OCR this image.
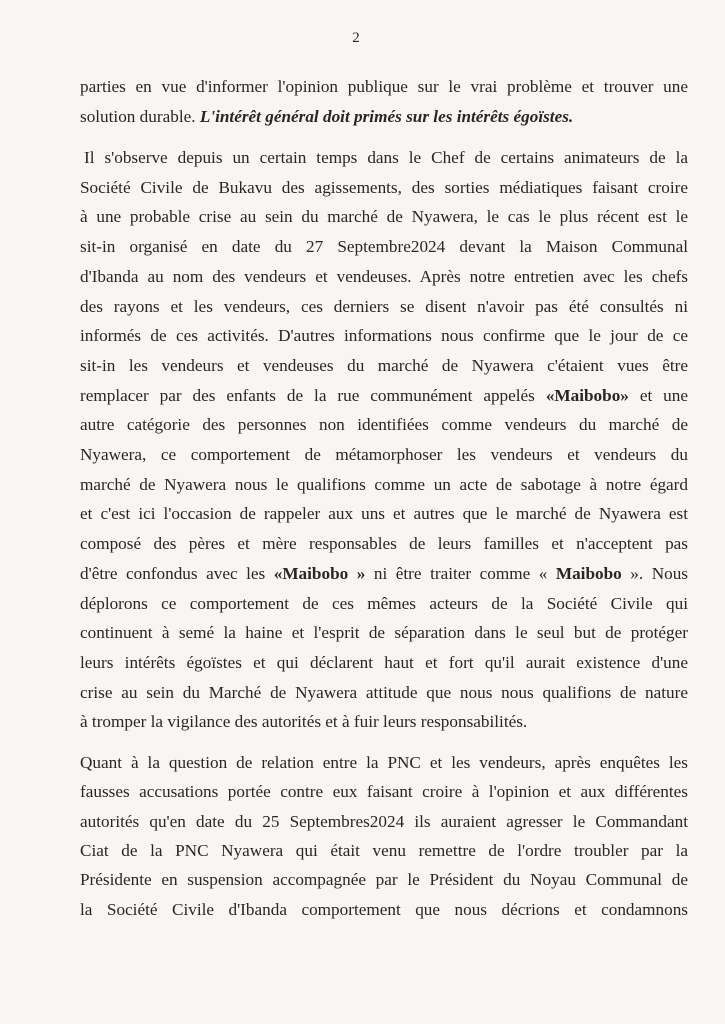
2
parties en vue d'informer l'opinion publique sur le vrai problème et trouver une
solution durable. L'intérêt général doit primés sur les intérêts égoïstes.
Il s'observe depuis un certain temps dans le Chef de certains animateurs de la
Société Civile de Bukavu des agissements, des sorties médiatiques faisant croire
à une probable crise au sein du marché de Nyawera, le cas le plus récent est le
sit-in organisé en date du 27 Septembre2024 devant la Maison Communal
d'Ibanda au nom des vendeurs et vendeuses. Après notre entretien avec les chefs
des rayons et les vendeurs, ces derniers se disent n'avoir pas été consultés ni
informés de ces activités. D'autres informations nous confirme que le jour de ce
sit-in les vendeurs et vendeuses du marché de Nyawera c'étaient vues être
remplacer par des enfants de la rue communément appelés «Maibobo» et une
autre catégorie des personnes non identifiées comme vendeurs du marché de
Nyawera, ce comportement de métamorphoser les vendeurs et vendeurs du
marché de Nyawera nous le qualifions comme un acte de sabotage à notre égard
et c'est ici l'occasion de rappeler aux uns et autres que le marché de Nyawera est
composé des pères et mère responsables de leurs familles et n'acceptent pas
d'être confondus avec les «Maibobo » ni être traiter comme « Maibobo ». Nous
déplorons ce comportement de ces mêmes acteurs de la Société Civile qui
continuent à semé la haine et l'esprit de séparation dans le seul but de protéger
leurs intérêts égoïstes et qui déclarent haut et fort qu'il aurait existence d'une
crise au sein du Marché de Nyawera attitude que nous nous qualifions de nature
à tromper la vigilance des autorités et à fuir leurs responsabilités.
Quant à la question de relation entre la PNC et les vendeurs, après enquêtes les
fausses accusations portée contre eux faisant croire à l'opinion et aux différentes
autorités qu'en date du 25 Septembres2024 ils auraient agresser le Commandant
Ciat de la PNC Nyawera qui était venu remettre de l'ordre troubler par la
Présidente en suspension accompagnée par le Président du Noyau Communal de
la Société Civile d'Ibanda comportement que nous décrions et condamnons
